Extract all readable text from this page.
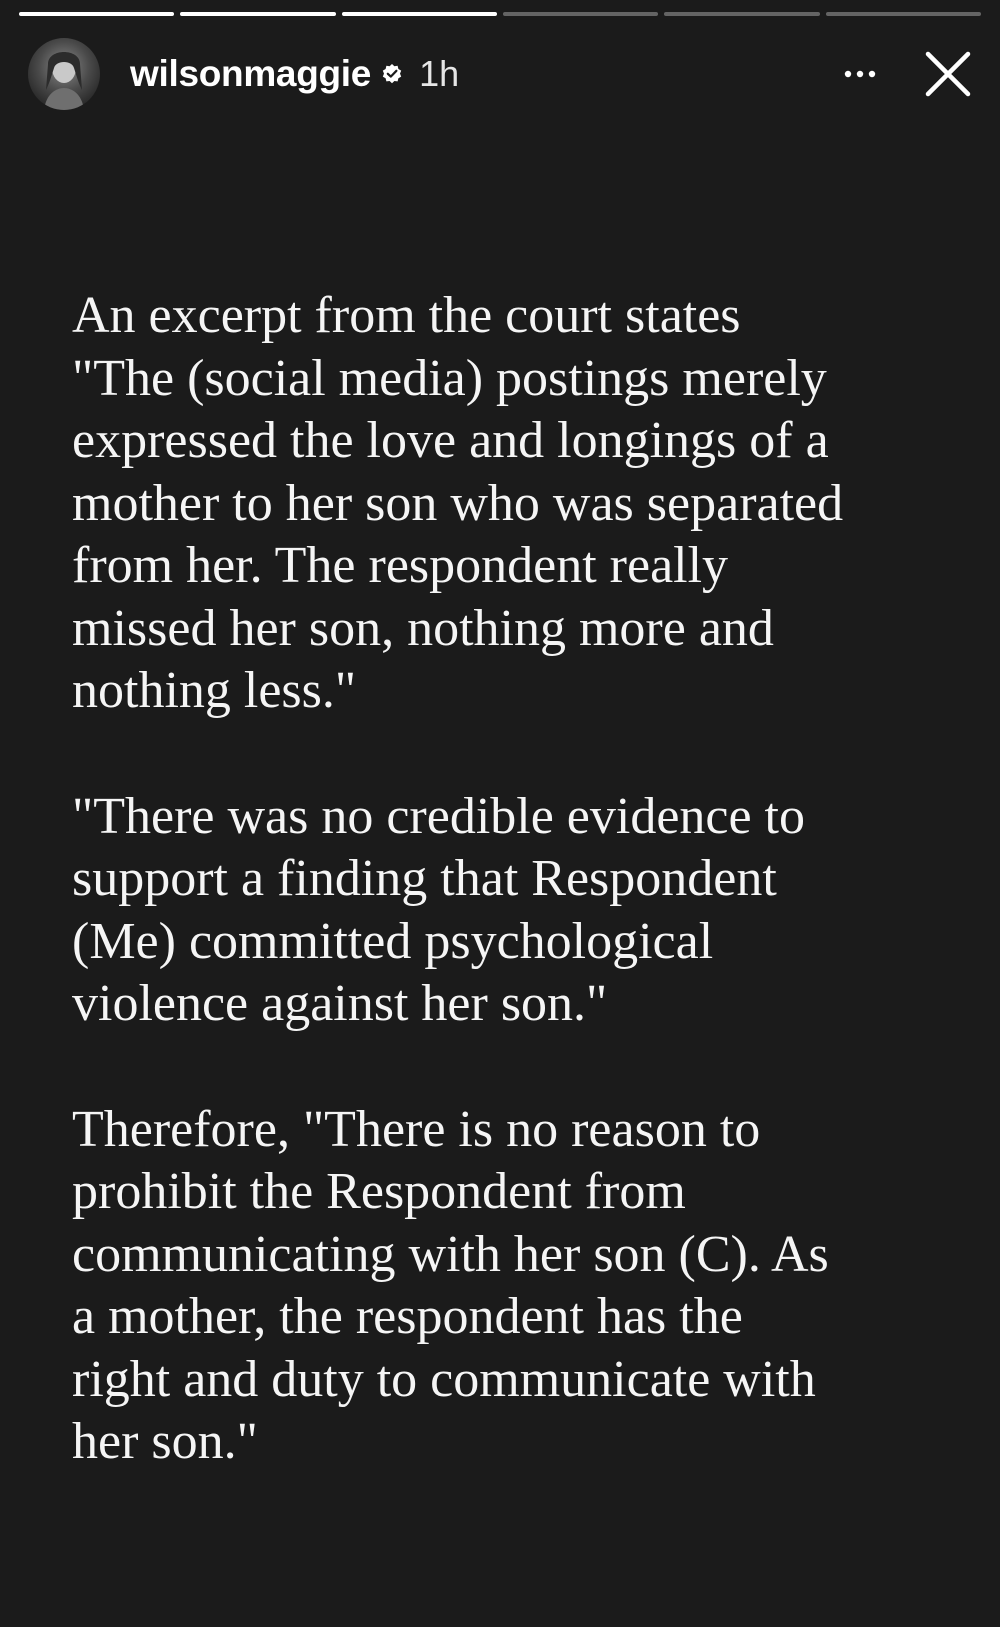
wilsonmaggie 1h

An excerpt from the court states
"The (social media) postings merely
expressed the love and longings of a
mother to her son who was separated
from her. The respondent really
missed her son, nothing more and
nothing less."

"There was no credible evidence to
support a finding that Respondent
(Me) committed psychological
violence against her son."

Therefore, "There is no reason to
prohibit the Respondent from
communicating with her son (C). As
a mother, the respondent has the
right and duty to communicate with
her son."
